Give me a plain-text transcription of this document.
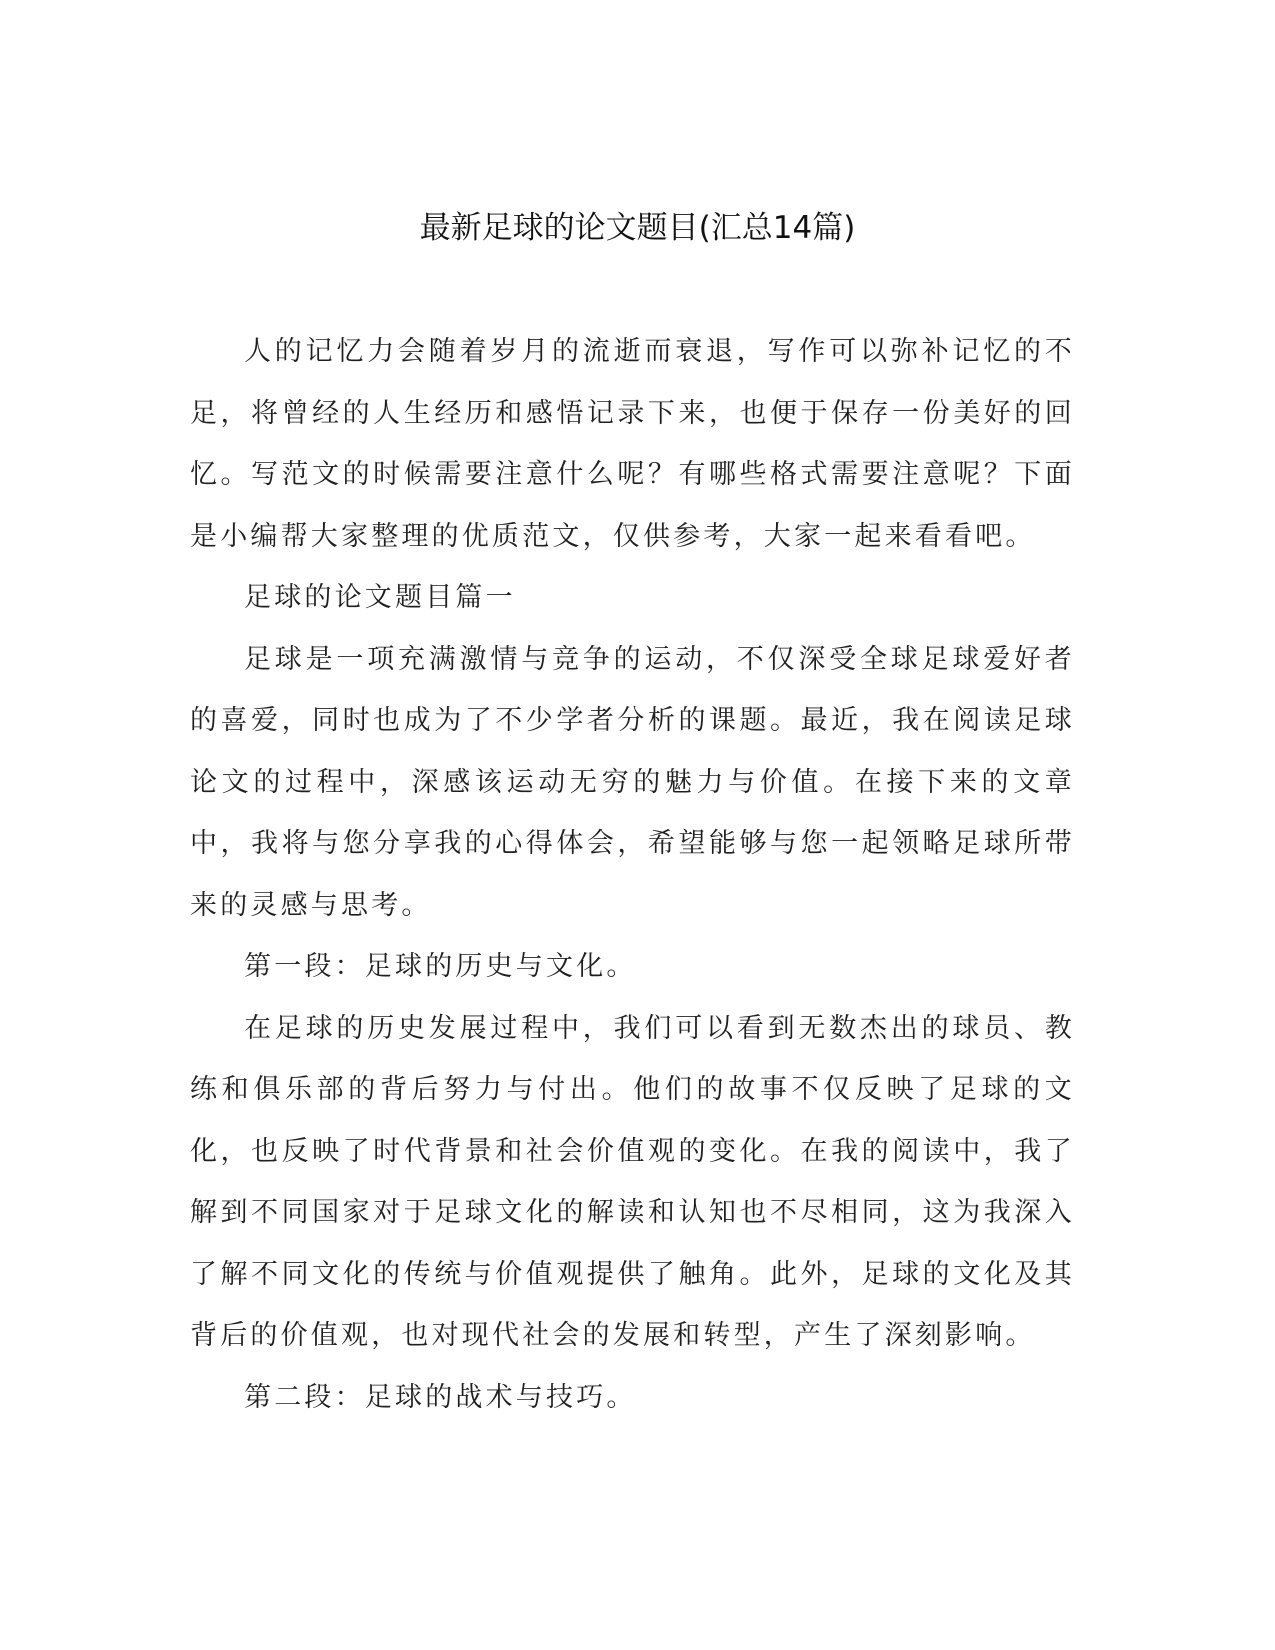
最新足球的论文题目(汇总14篇)

人的记忆力会随着岁月的流逝而衰退，写作可以弥补记忆的不足，将曾经的人生经历和感悟记录下来，也便于保存一份美好的回忆。写范文的时候需要注意什么呢？有哪些格式需要注意呢？下面是小编帮大家整理的优质范文，仅供参考，大家一起来看看吧。

足球的论文题目篇一

足球是一项充满激情与竞争的运动，不仅深受全球足球爱好者的喜爱，同时也成为了不少学者分析的课题。最近，我在阅读足球论文的过程中，深感该运动无穷的魅力与价值。在接下来的文章中，我将与您分享我的心得体会，希望能够与您一起领略足球所带来的灵感与思考。

第一段：足球的历史与文化。

在足球的历史发展过程中，我们可以看到无数杰出的球员、教练和俱乐部的背后努力与付出。他们的故事不仅反映了足球的文化，也反映了时代背景和社会价值观的变化。在我的阅读中，我了解到不同国家对于足球文化的解读和认知也不尽相同，这为我深入了解不同文化的传统与价值观提供了触角。此外，足球的文化及其背后的价值观，也对现代社会的发展和转型，产生了深刻影响。

第二段：足球的战术与技巧。
